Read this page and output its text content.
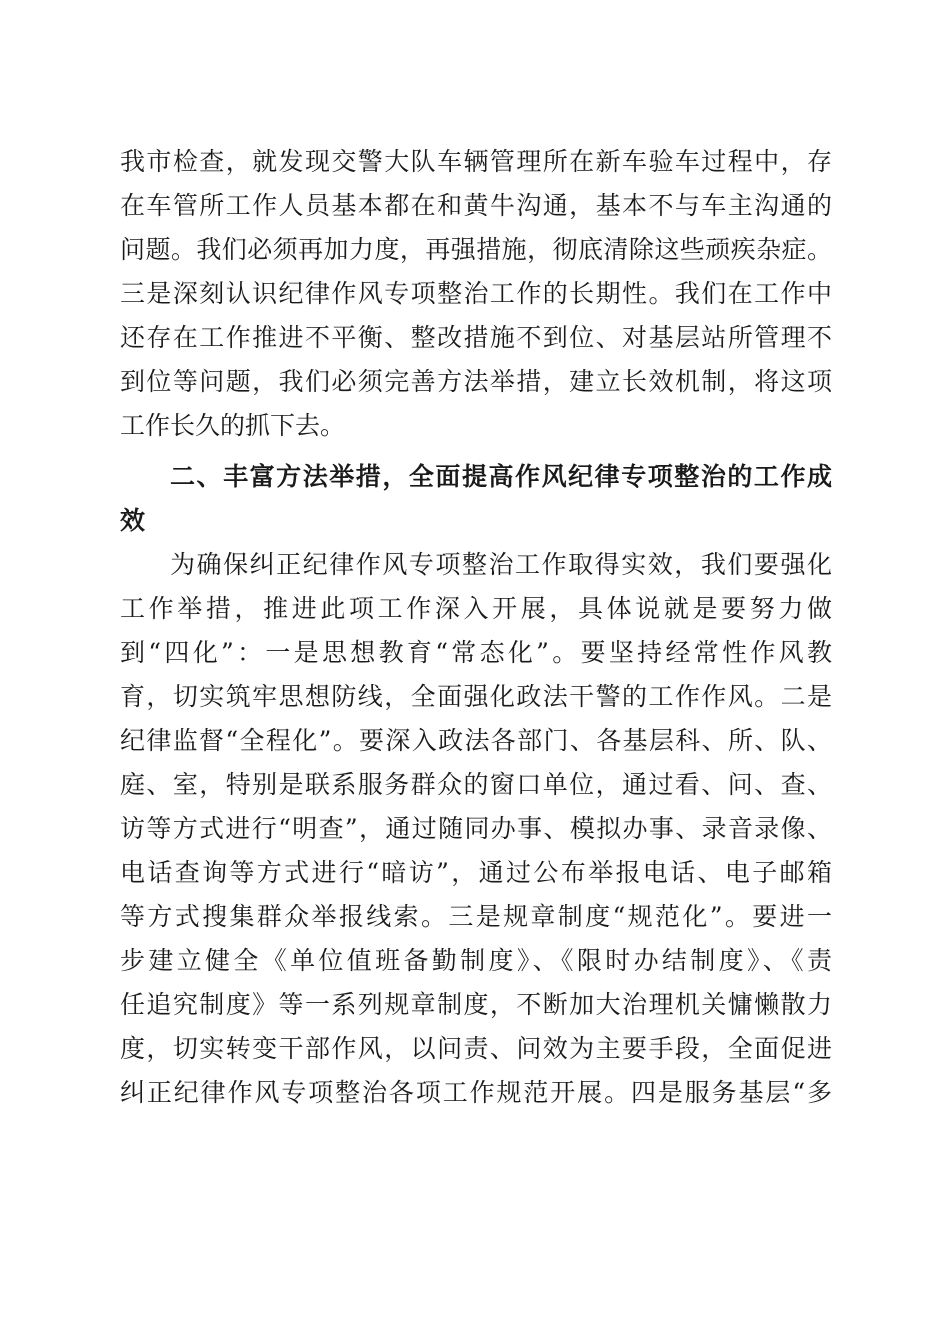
我市检查，就发现交警大队车辆管理所在新车验车过程中，存
在车管所工作人员基本都在和黄牛沟通，基本不与车主沟通的
问题。我们必须再加力度，再强措施，彻底清除这些顽疾杂症。
三是深刻认识纪律作风专项整治工作的长期性。我们在工作中
还存在工作推进不平衡、整改措施不到位、对基层站所管理不
到位等问题，我们必须完善方法举措，建立长效机制，将这项
工作长久的抓下去。
二、丰富方法举措，全面提高作风纪律专项整治的工作成
效
为确保纠正纪律作风专项整治工作取得实效，我们要强化
工作举措，推进此项工作深入开展，具体说就是要努力做
到“四化”：一是思想教育“常态化”。要坚持经常性作风教
育，切实筑牢思想防线，全面强化政法干警的工作作风。二是
纪律监督“全程化”。要深入政法各部门、各基层科、所、队、
庭、室，特别是联系服务群众的窗口单位，通过看、问、查、
访等方式进行“明查”，通过随同办事、模拟办事、录音录像、
电话查询等方式进行“暗访”，通过公布举报电话、电子邮箱
等方式搜集群众举报线索。三是规章制度“规范化”。要进一
步建立健全《单位值班备勤制度》、《限时办结制度》、《责
任追究制度》等一系列规章制度，不断加大治理机关慵懒散力
度，切实转变干部作风，以问责、问效为主要手段，全面促进
纠正纪律作风专项整治各项工作规范开展。四是服务基层“多
